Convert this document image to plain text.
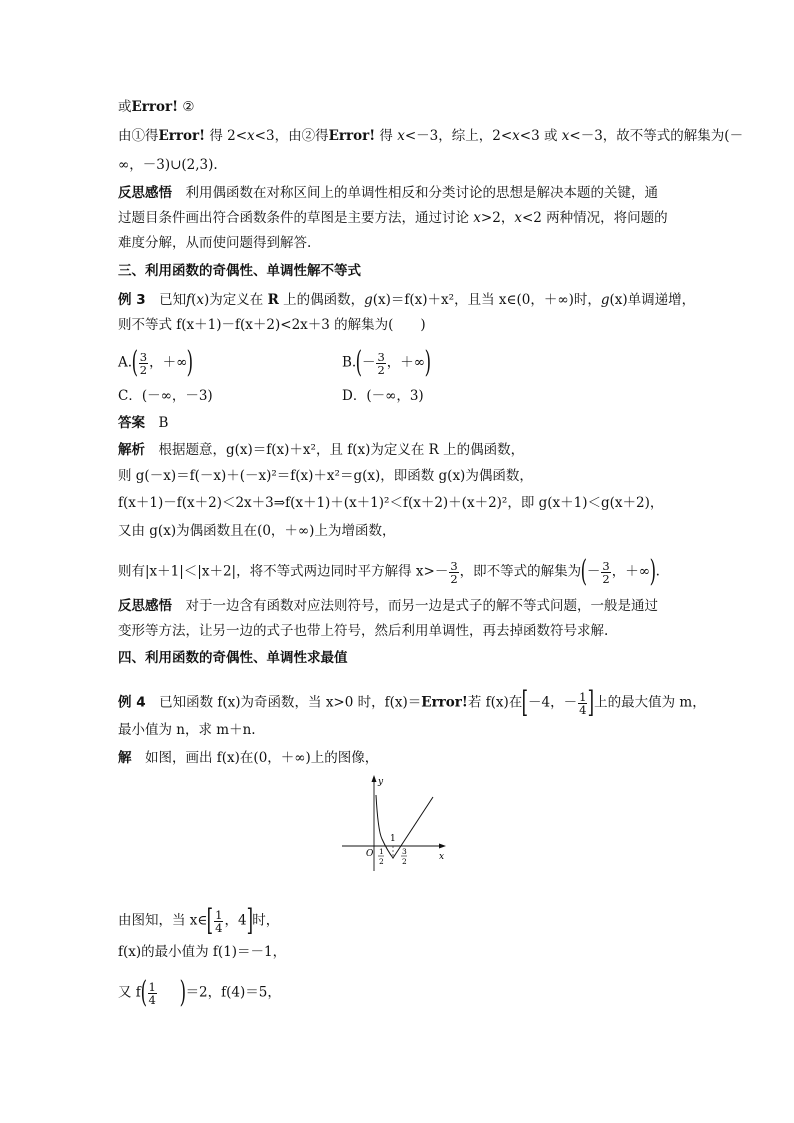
或Error! ②
由①得Error! 得 2<x<3，由②得Error! 得 x<－3，综上，2<x<3 或 x<－3，故不等式的解集为(－
∞，－3)∪(2,3).
反思感悟　利用偶函数在对称区间上的单调性相反和分类讨论的思想是解决本题的关键，通
过题目条件画出符合函数条件的草图是主要方法，通过讨论 x>2，x<2 两种情况，将问题的
难度分解，从而使问题得到解答.
三、利用函数的奇偶性、单调性解不等式
例 3　已知f(x)为定义在 R 上的偶函数，g(x)＝f(x)＋x²，且当 x∈(0，＋∞)时，g(x)单调递增，
则不等式 f(x＋1)－f(x＋2)<2x＋3 的解集为(　　)
$A.( \frac{3}{2}$ ，＋∞)	$B.(- \frac{3}{2}$ ，＋∞)
C．(－∞，－3)	D．(－∞，3)
答案　B
解析　根据题意，g(x)＝f(x)＋x²，且 f(x)为定义在 R 上的偶函数，
则 g(－x)＝f(－x)＋(－x)²＝f(x)＋x²＝g(x)，即函数 g(x)为偶函数，
f(x＋1)－f(x＋2)＜2x＋3⇒f(x＋1)＋(x＋1)²＜f(x＋2)＋(x＋2)²，即 g(x＋1)＜g(x＋2)，
又由 g(x)为偶函数且在(0，＋∞)上为增函数，
则有|x＋1|＜|x＋2|，将不等式两边同时平方解得 $x>- \frac{3}{2}$ ，即不等式的解集为(－ $\frac{3}{2}$ ，＋∞).
反思感悟　对于一边含有函数对应法则符号，而另一边是式子的解不等式问题，一般是通过
变形等方法，让另一边的式子也带上符号，然后利用单调性，再去掉函数符号求解.
四、利用函数的奇偶性、单调性求最值
例 4　已知函数 f(x)为奇函数，当 x>0 时，f(x)＝Error!若 f(x)在[－4，－ $\frac{1}{4}$ ]上的最大值为 m，
最小值为 n，求 m＋n.
解　如图，画出 f(x)在(0，＋∞)上的图像，
y
x
O
1
1
2
3
2
由图知，当 x∈[ $\frac{1}{4}$ ，4]时，
f(x)的最小值为 f(1)＝－1，
又 $f( \frac{1}{4} )=2$，f(4)＝5，
